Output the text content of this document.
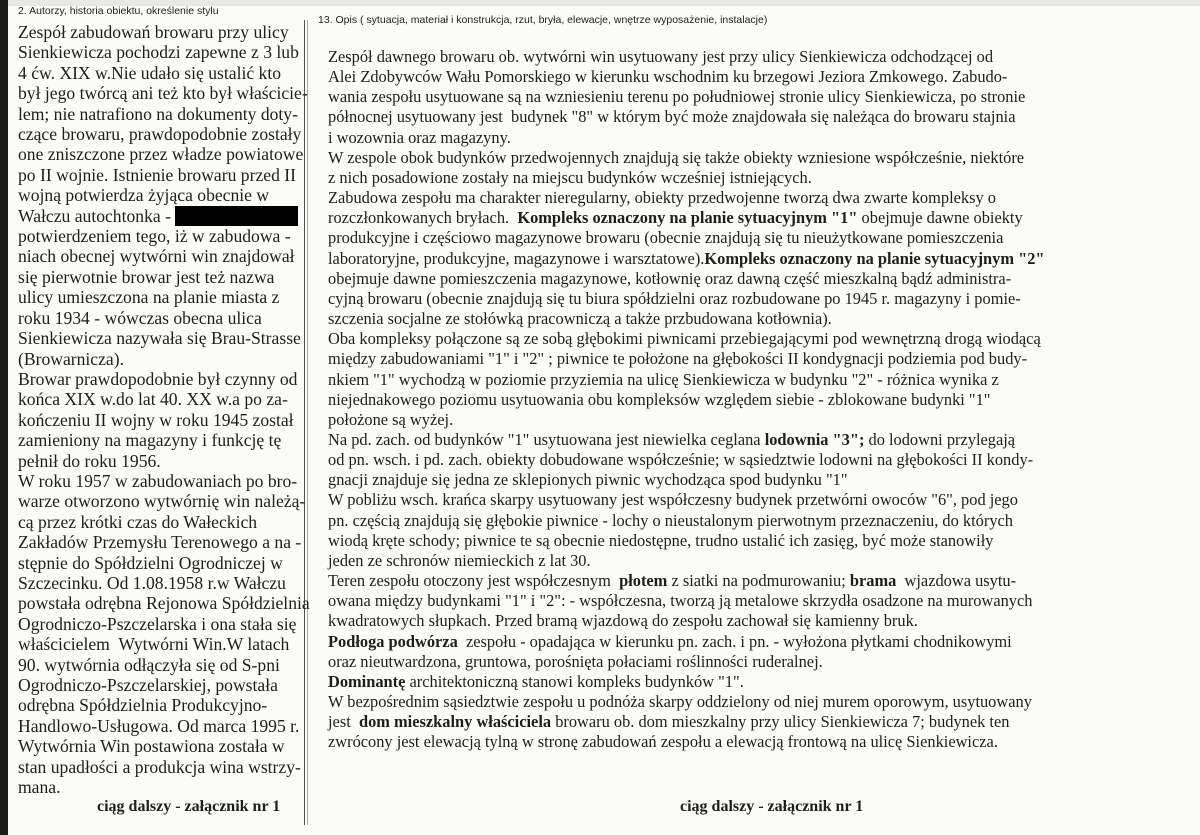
2. Autorzy, historia obiektu, określenie stylu
Zespół zabudowań browaru przy ulicy
Sienkiewicza pochodzi zapewne z 3 lub
4 ćw. XIX w.Nie udało się ustalić kto
był jego twórcą ani też kto był właścicie-
lem; nie natrafiono na dokumenty doty-
czące browaru, prawdopodobnie zostały
one zniszczone przez władze powiatowe
po II wojnie. Istnienie browaru przed II
wojną potwierdza żyjąca obecnie w
Wałczu autochtonka -
potwierdzeniem tego, iż w zabudowa -
niach obecnej wytwórni win znajdował
się pierwotnie browar jest też nazwa
ulicy umieszczona na planie miasta z
roku 1934 - wówczas obecna ulica
Sienkiewicza nazywała się Brau-Strasse
(Browarnicza).
Browar prawdopodobnie był czynny od
końca XIX w.do lat 40. XX w.a po za-
kończeniu II wojny w roku 1945 został
zamieniony na magazyny i funkcję tę
pełnił do roku 1956.
W roku 1957 w zabudowaniach po bro-
warze otworzono wytwórnię win należą-
cą przez krótki czas do Wałeckich
Zakładów Przemysłu Terenowego a na -
stępnie do Spółdzielni Ogrodniczej w
Szczecinku. Od 1.08.1958 r.w Wałczu
powstała odrębna Rejonowa Spółdzielnia
Ogrodniczo-Pszczelarska i ona stała się
właścicielem  Wytwórni Win.W latach
90. wytwórnia odłączyła się od S-pni
Ogrodniczo-Pszczelarskiej, powstała
odrębna Spółdzielnia Produkcyjno-
Handlowo-Usługowa. Od marca 1995 r.
Wytwórnia Win postawiona została w
stan upadłości a produkcja wina wstrzy-
mana.
ciąg dalszy - załącznik nr 1
13. Opis ( sytuacja, materiał i konstrukcja, rzut, bryła, elewacje, wnętrze wyposażenie, instalacje)
Zespół dawnego browaru ob. wytwórni win usytuowany jest przy ulicy Sienkiewicza odchodzącej od
Alei Zdobywców Wału Pomorskiego w kierunku wschodnim ku brzegowi Jeziora Zmkowego. Zabudo-
wania zespołu usytuowane są na wzniesieniu terenu po południowej stronie ulicy Sienkiewicza, po stronie
północnej usytuowany jest  budynek "8" w którym być może znajdowała się należąca do browaru stajnia
i wozownia oraz magazyny.
W zespole obok budynków przedwojennych znajdują się także obiekty wzniesione współcześnie, niektóre
z nich posadowione zostały na miejscu budynków wcześniej istniejących.
Zabudowa zespołu ma charakter nieregularny, obiekty przedwojenne tworzą dwa zwarte kompleksy o
rozczłonkowanych bryłach.  Kompleks oznaczony na planie sytuacyjnym "1" obejmuje dawne obiekty
produkcyjne i częściowo magazynowe browaru (obecnie znajdują się tu nieużytkowane pomieszczenia
laboratoryjne, produkcyjne, magazynowe i warsztatowe).Kompleks oznaczony na planie sytuacyjnym "2"
obejmuje dawne pomieszczenia magazynowe, kotłownię oraz dawną część mieszkalną bądź administra-
cyjną browaru (obecnie znajdują się tu biura spółdzielni oraz rozbudowane po 1945 r. magazyny i pomie-
szczenia socjalne ze stołówką pracowniczą a także przbudowana kotłownia).
Oba kompleksy połączone są ze sobą głębokimi piwnicami przebiegającymi pod wewnętrzną drogą wiodącą
między zabudowaniami "1" i "2" ; piwnice te położone na głębokości II kondygnacji podziemia pod budy-
nkiem "1" wychodzą w poziomie przyziemia na ulicę Sienkiewicza w budynku "2" - różnica wynika z
niejednakowego poziomu usytuowania obu kompleksów względem siebie - zblokowane budynki "1"
położone są wyżej.
Na pd. zach. od budynków "1" usytuowana jest niewielka ceglana lodownia "3"; do lodowni przylegają
od pn. wsch. i pd. zach. obiekty dobudowane współcześnie; w sąsiedztwie lodowni na głębokości II kondy-
gnacji znajduje się jedna ze sklepionych piwnic wychodząca spod budynku "1"
W pobliżu wsch. krańca skarpy usytuowany jest współczesny budynek przetwórni owoców "6", pod jego
pn. częścią znajdują się głębokie piwnice - lochy o nieustalonym pierwotnym przeznaczeniu, do których
wiodą kręte schody; piwnice te są obecnie niedostępne, trudno ustalić ich zasięg, być może stanowiły
jeden ze schronów niemieckich z lat 30.
Teren zespołu otoczony jest współczesnym  płotem z siatki na podmurowaniu; brama  wjazdowa usytu-
owana między budynkami "1" i "2": - współczesna, tworzą ją metalowe skrzydła osadzone na murowanych
kwadratowych słupkach. Przed bramą wjazdową do zespołu zachował się kamienny bruk.
Podłoga podwórza  zespołu - opadająca w kierunku pn. zach. i pn. - wyłożona płytkami chodnikowymi
oraz nieutwardzona, gruntowa, porośnięta połaciami roślinności ruderalnej.
Dominantę architektoniczną stanowi kompleks budynków "1".
W bezpośrednim sąsiedztwie zespołu u podnóża skarpy oddzielony od niej murem oporowym, usytuowany
jest  dom mieszkalny właściciela browaru ob. dom mieszkalny przy ulicy Sienkiewicza 7; budynek ten
zwrócony jest elewacją tylną w stronę zabudowań zespołu a elewacją frontową na ulicę Sienkiewicza.
ciąg dalszy - załącznik nr 1
